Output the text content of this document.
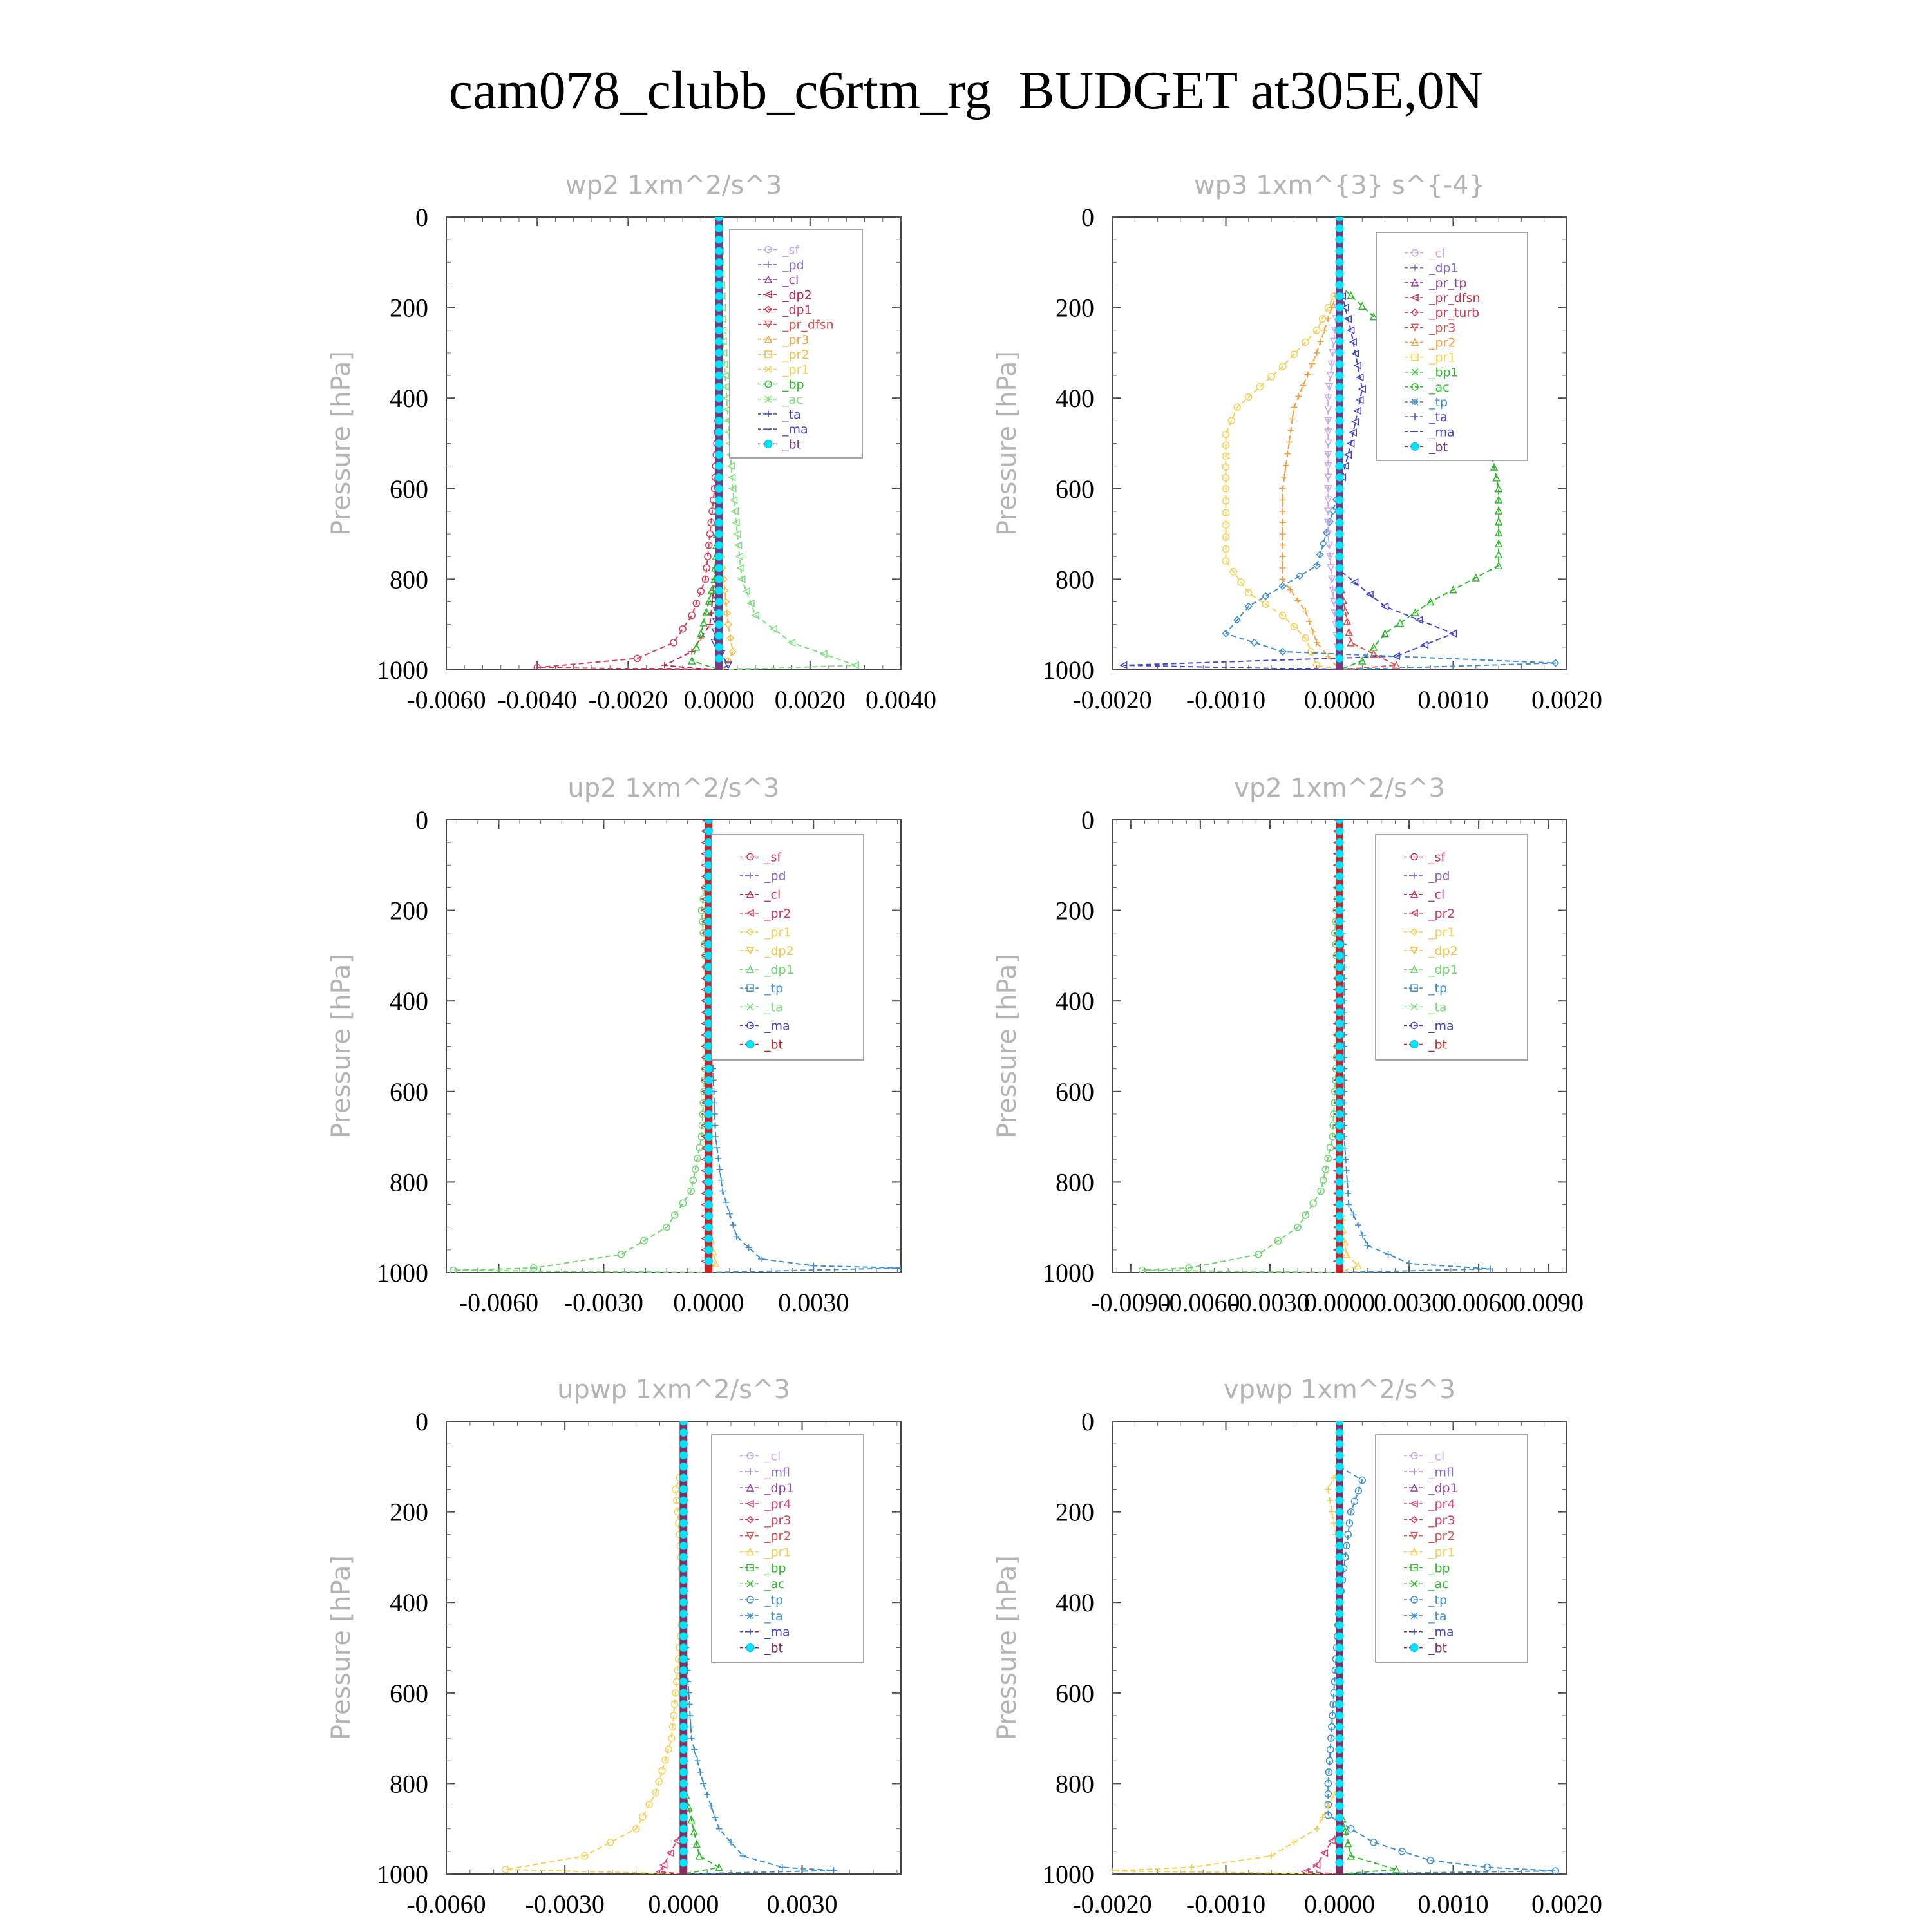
cam078_clubb_c6rtm_rg  BUDGET at305E,0N
wp2 1xm^2/s^3
Pressure [hPa]
0
200
400
600
800
1000
-0.0060 -0.0040 -0.0020 0.0000 0.0020 0.0040
_sf
_pd
_cl
_dp2
_dp1
_pr_dfsn
_pr3
_pr2
_pr1
_bp
_ac
_ta
_ma
_bt
wp3 1xm^{3} s^{-4}
Pressure [hPa]
0
200
400
600
800
1000
-0.0020 -0.0010 0.0000 0.0010 0.0020
_cl
_dp1
_pr_tp
_pr_dfsn
_pr_turb
_pr3
_pr2
_pr1
_bp1
_ac
_tp
_ta
_ma
_bt
up2 1xm^2/s^3
Pressure [hPa]
0
200
400
600
800
1000
-0.0060 -0.0030 0.0000 0.0030
_sf
_pd
_cl
_pr2
_pr1
_dp2
_dp1
_tp
_ta
_ma
_bt
vp2 1xm^2/s^3
Pressure [hPa]
0
200
400
600
800
1000
-0.0090
-0.0060
-0.0030
0.0000
0.0030
0.0060
0.0090
_sf
_pd
_cl
_pr2
_pr1
_dp2
_dp1
_tp
_ta
_ma
_bt
upwp 1xm^2/s^3
Pressure [hPa]
0
200
400
600
800
1000
-0.0060 -0.0030 0.0000 0.0030
_cl
_mfl
_dp1
_pr4
_pr3
_pr2
_pr1
_bp
_ac
_tp
_ta
_ma
_bt
vpwp 1xm^2/s^3
Pressure [hPa]
0
200
400
600
800
1000
-0.0020 -0.0010 0.0000 0.0010 0.0020
_cl
_mfl
_dp1
_pr4
_pr3
_pr2
_pr1
_bp
_ac
_tp
_ta
_ma
_bt
